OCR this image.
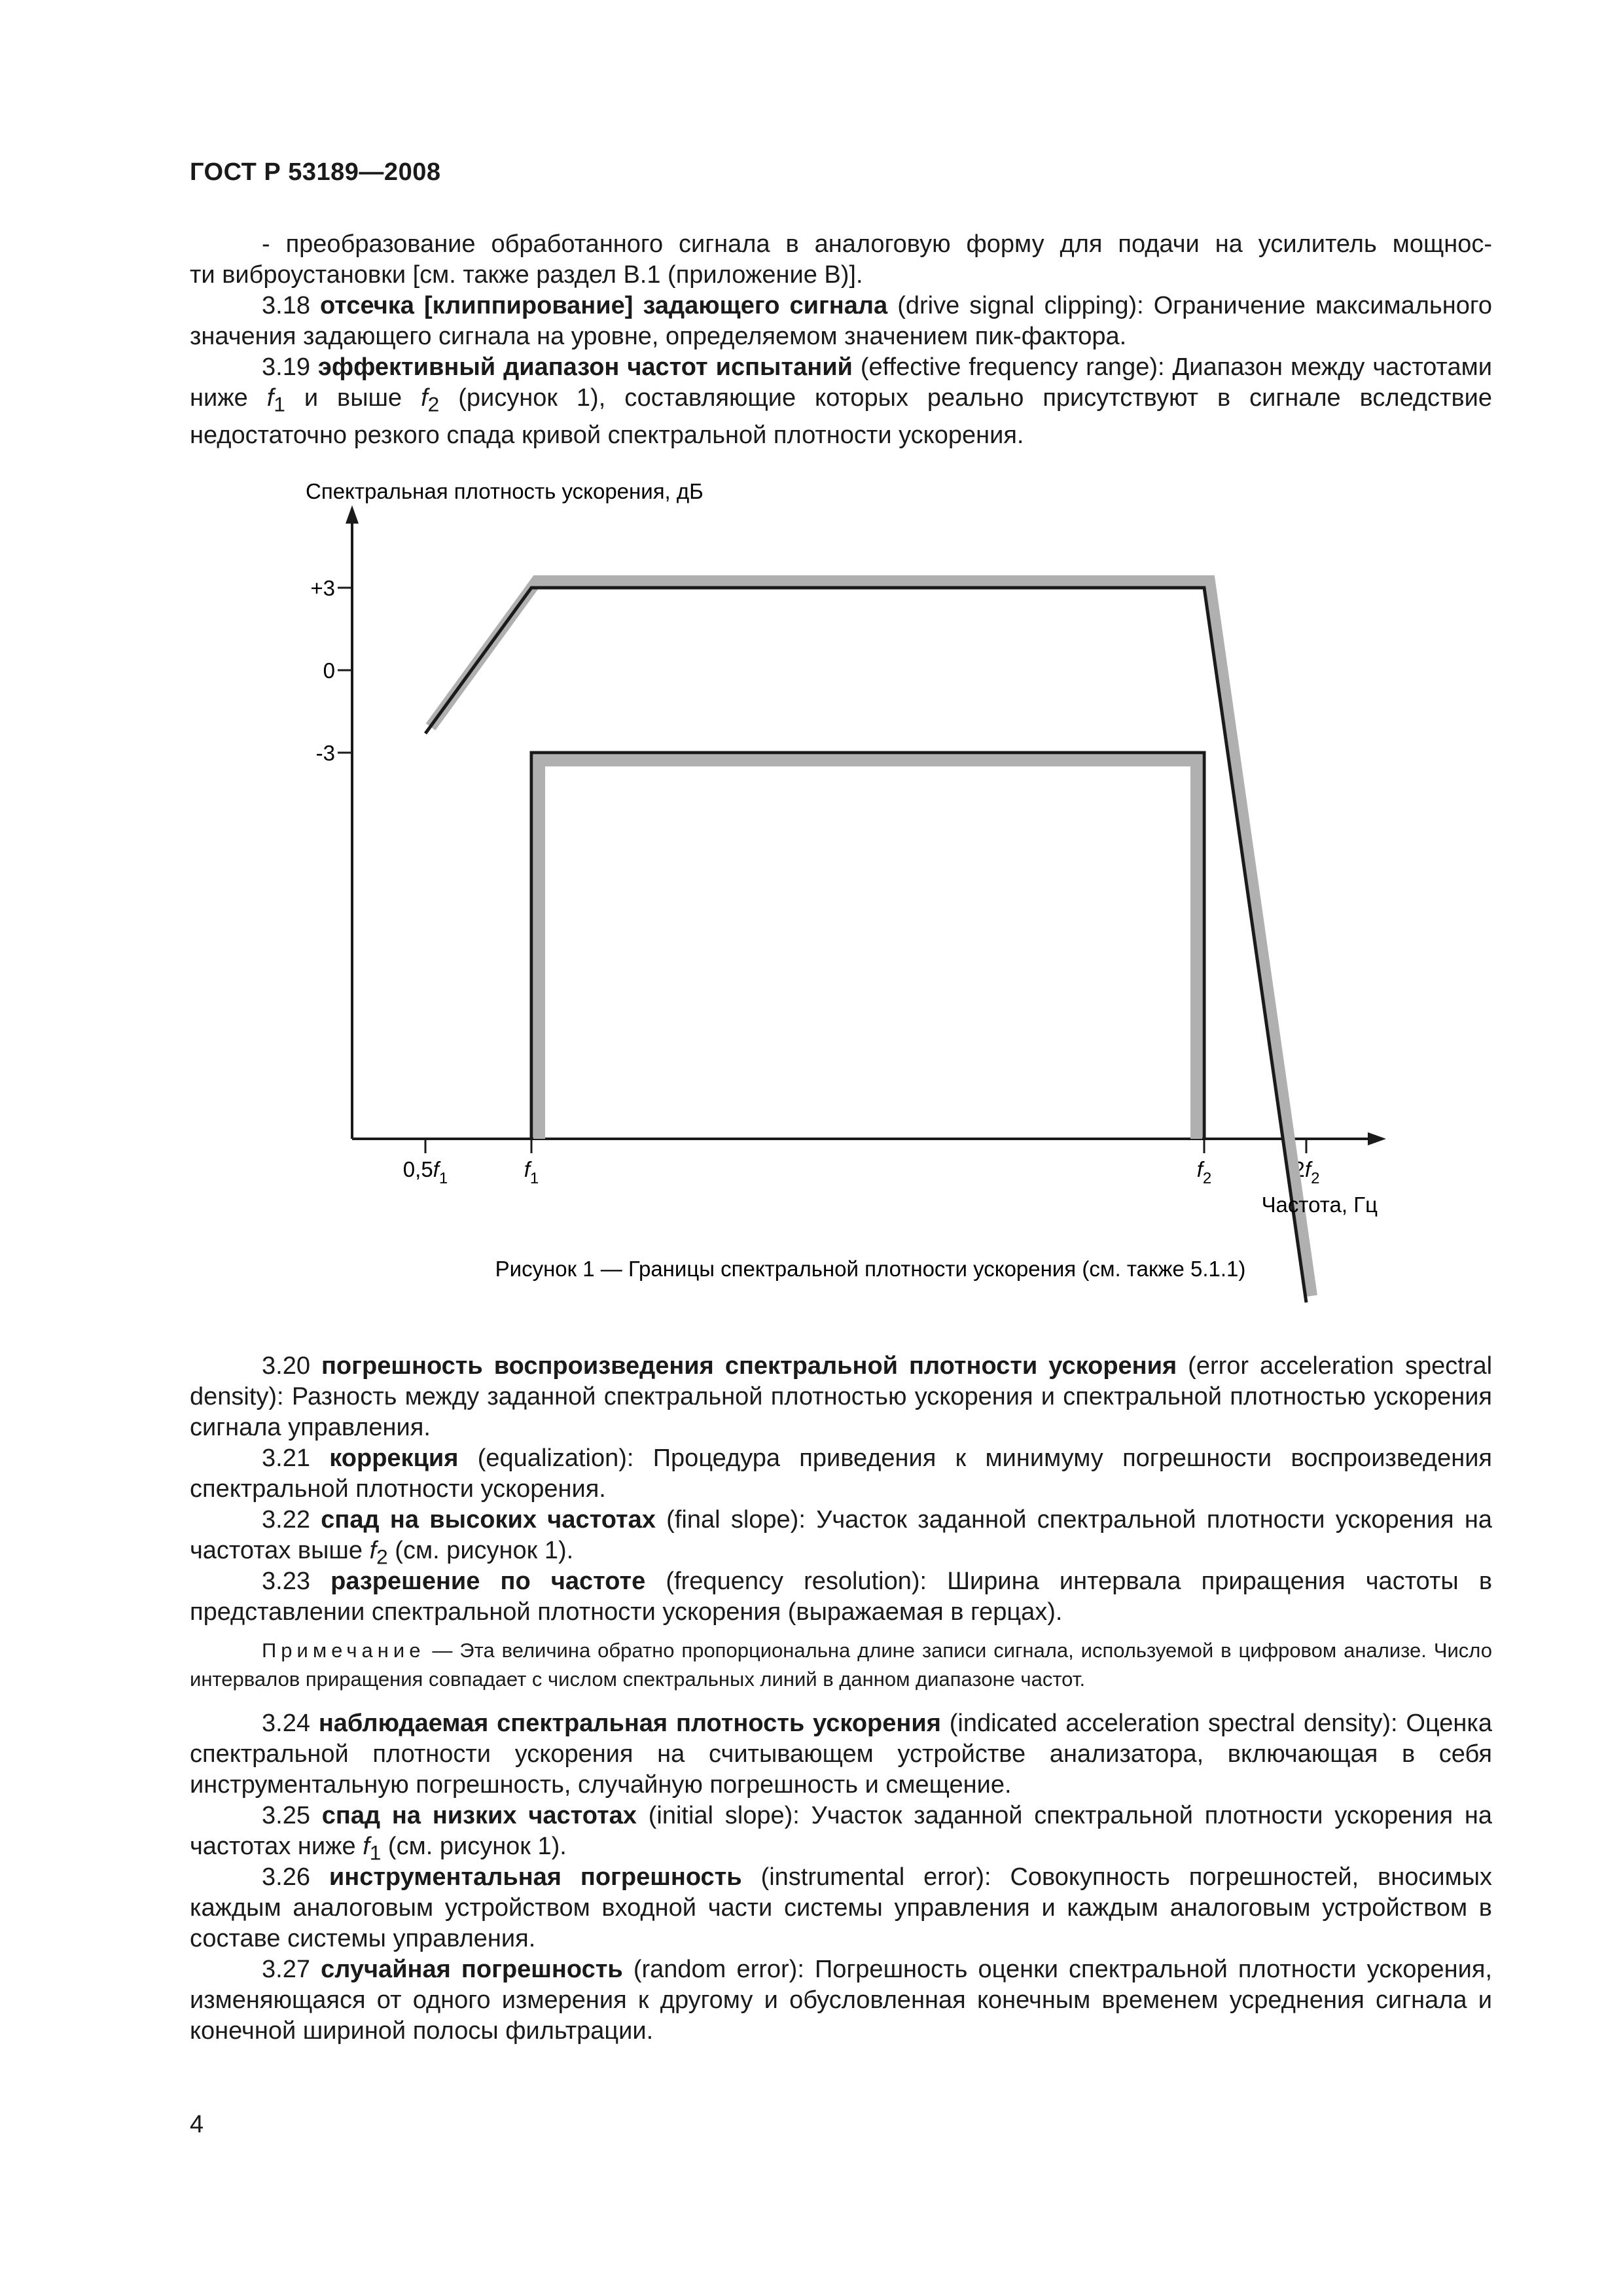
ГОСТ Р 53189—2008
- преобразование обработанного сигнала в аналоговую форму для подачи на усилитель мощнос-
ти виброустановки [см. также раздел В.1 (приложение В)].
3.18 отсечка [клиппирование] задающего сигнала (drive signal clipping): Ограничение максимального значения задающего сигнала на уровне, определяемом значением пик-фактора.
3.19 эффективный диапазон частот испытаний (effective frequency range): Диапазон между частотами ниже $f_1$ и выше $f_2$ (рисунок 1), составляющие которых реально присутствуют в сигнале вследствие недостаточно резкого спада кривой спектральной плотности ускорения.
Спектральная плотность ускорения, дБ
+3
0
-3
$0,5f_1$	$f_1$	$f_2$	$2f_2$
Частота, Гц
Рисунок 1 — Границы спектральной плотности ускорения (см. также 5.1.1)
3.20 погрешность воспроизведения спектральной плотности ускорения (error acceleration spectral density): Разность между заданной спектральной плотностью ускорения и спектральной плотностью ускорения сигнала управления.
3.21 коррекция (equalization): Процедура приведения к минимуму погрешности воспроизведения спектральной плотности ускорения.
3.22 спад на высоких частотах (final slope): Участок заданной спектральной плотности ускорения на частотах выше $f_2$ (см. рисунок 1).
3.23 разрешение по частоте (frequency resolution): Ширина интервала приращения частоты в представлении спектральной плотности ускорения (выражаемая в герцах).
Примечание — Эта величина обратно пропорциональна длине записи сигнала, используемой в цифровом анализе. Число интервалов приращения совпадает с числом спектральных линий в данном диапазоне частот.
3.24 наблюдаемая спектральная плотность ускорения (indicated acceleration spectral density): Оценка спектральной плотности ускорения на считывающем устройстве анализатора, включающая в себя инструментальную погрешность, случайную погрешность и смещение.
3.25 спад на низких частотах (initial slope): Участок заданной спектральной плотности ускорения на частотах ниже $f_1$ (см. рисунок 1).
3.26 инструментальная погрешность (instrumental error): Совокупность погрешностей, вносимых каждым аналоговым устройством входной части системы управления и каждым аналоговым устройством в составе системы управления.
3.27 случайная погрешность (random error): Погрешность оценки спектральной плотности ускорения, изменяющаяся от одного измерения к другому и обусловленная конечным временем усреднения сигнала и конечной шириной полосы фильтрации.
4
